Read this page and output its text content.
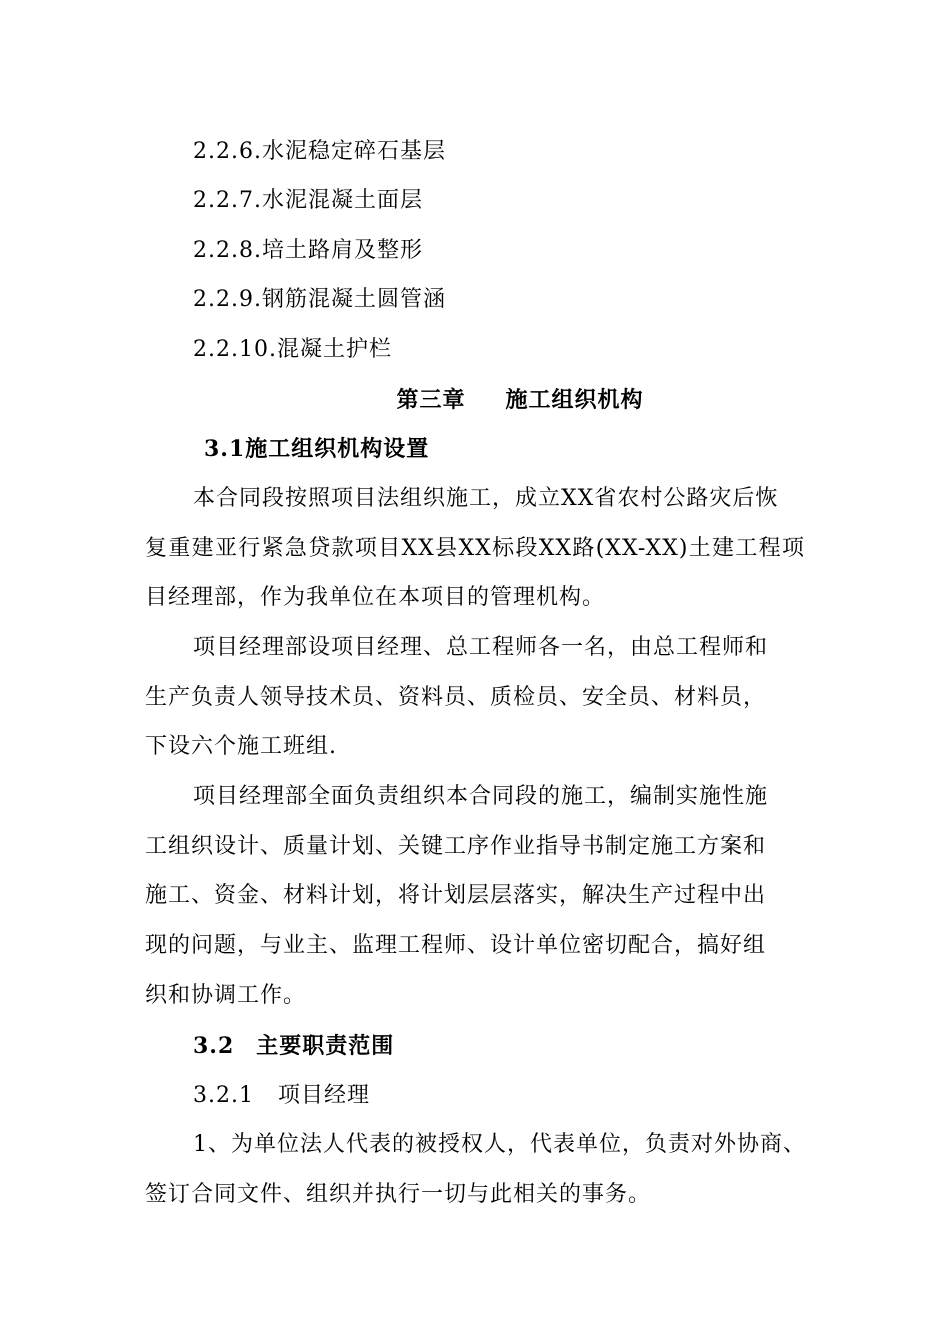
2.2.6.水泥稳定碎石基层
2.2.7.水泥混凝土面层
2.2.8.培土路肩及整形
2.2.9.钢筋混凝土圆管涵
2.2.10.混凝土护栏
第三章 施工组织机构
3.1施工组织机构设置
本合同段按照项目法组织施工，成立XX省农村公路灾后恢
复重建亚行紧急贷款项目XX县XX标段XX路(XX-XX)土建工程项
目经理部，作为我单位在本项目的管理机构。
项目经理部设项目经理、总工程师各一名，由总工程师和
生产负责人领导技术员、资料员、质检员、安全员、材料员，
下设六个施工班组.
项目经理部全面负责组织本合同段的施工，编制实施性施
工组织设计、质量计划、关键工序作业指导书制定施工方案和
施工、资金、材料计划，将计划层层落实，解决生产过程中出
现的问题，与业主、监理工程师、设计单位密切配合，搞好组
织和协调工作。
3.2 主要职责范围
3.2.1 项目经理
1、为单位法人代表的被授权人，代表单位，负责对外协商、
签订合同文件、组织并执行一切与此相关的事务。
